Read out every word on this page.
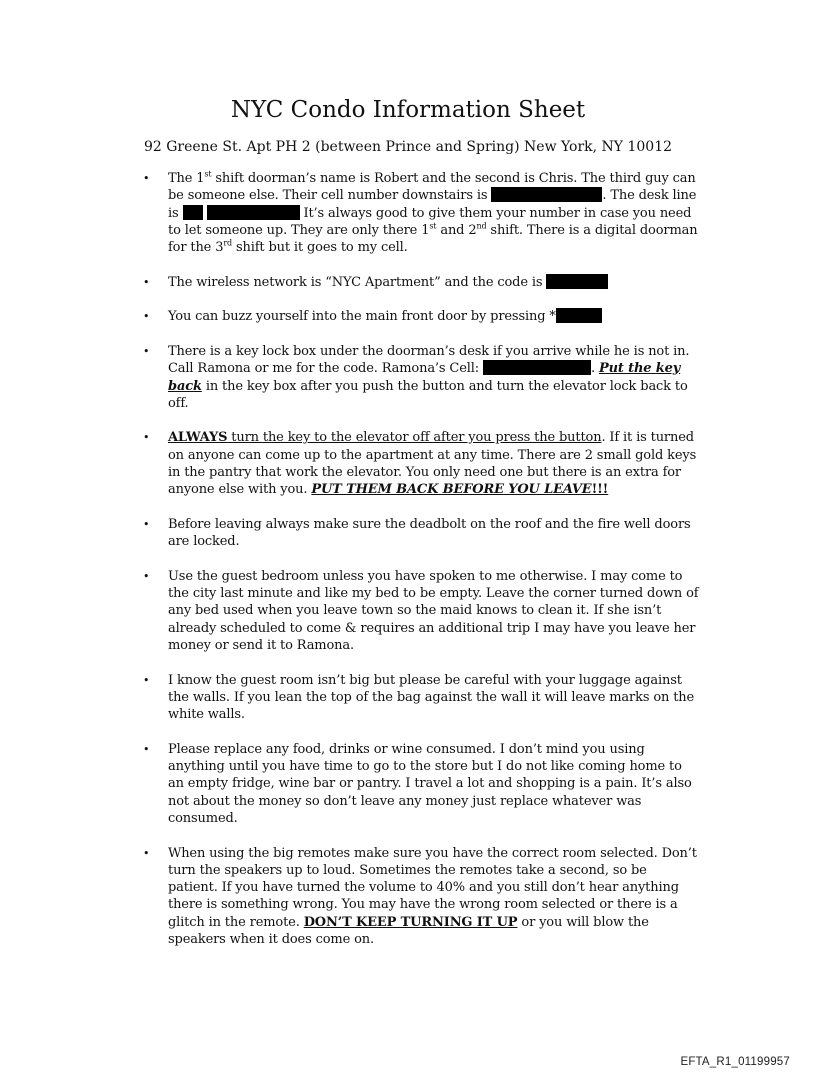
NYC Condo Information Sheet

92 Greene St. Apt PH 2 (between Prince and Spring) New York, NY 10012

• The 1st shift doorman’s name is Robert and the second is Chris. The third guy can be someone else. Their cell number downstairs is	. The desk line is	It’s always good to give them your number in case you need to let someone up. They are only there 1st and 2nd shift. There is a digital doorman for the 3rd shift but it goes to my cell.
• The wireless network is “NYC Apartment” and the code is
• You can buzz yourself into the main front door by pressing *
• There is a key lock box under the doorman’s desk if you arrive while he is not in. Call Ramona or me for the code. Ramona’s Cell:	. Put the key back in the key box after you push the button and turn the elevator lock back to off.
• ALWAYS turn the key to the elevator off after you press the button. If it is turned on anyone can come up to the apartment at any time. There are 2 small gold keys in the pantry that work the elevator. You only need one but there is an extra for anyone else with you. PUT THEM BACK BEFORE YOU LEAVE!!!
• Before leaving always make sure the deadbolt on the roof and the fire well doors are locked.
• Use the guest bedroom unless you have spoken to me otherwise. I may come to the city last minute and like my bed to be empty. Leave the corner turned down of any bed used when you leave town so the maid knows to clean it. If she isn’t already scheduled to come & requires an additional trip I may have you leave her money or send it to Ramona.
• I know the guest room isn’t big but please be careful with your luggage against the walls. If you lean the top of the bag against the wall it will leave marks on the white walls.
• Please replace any food, drinks or wine consumed. I don’t mind you using anything until you have time to go to the store but I do not like coming home to an empty fridge, wine bar or pantry. I travel a lot and shopping is a pain. It’s also not about the money so don’t leave any money just replace whatever was consumed.
• When using the big remotes make sure you have the correct room selected. Don’t turn the speakers up to loud. Sometimes the remotes take a second, so be patient. If you have turned the volume to 40% and you still don’t hear anything there is something wrong. You may have the wrong room selected or there is a glitch in the remote. DON’T KEEP TURNING IT UP or you will blow the speakers when it does come on.
EFTA_R1_01199957
